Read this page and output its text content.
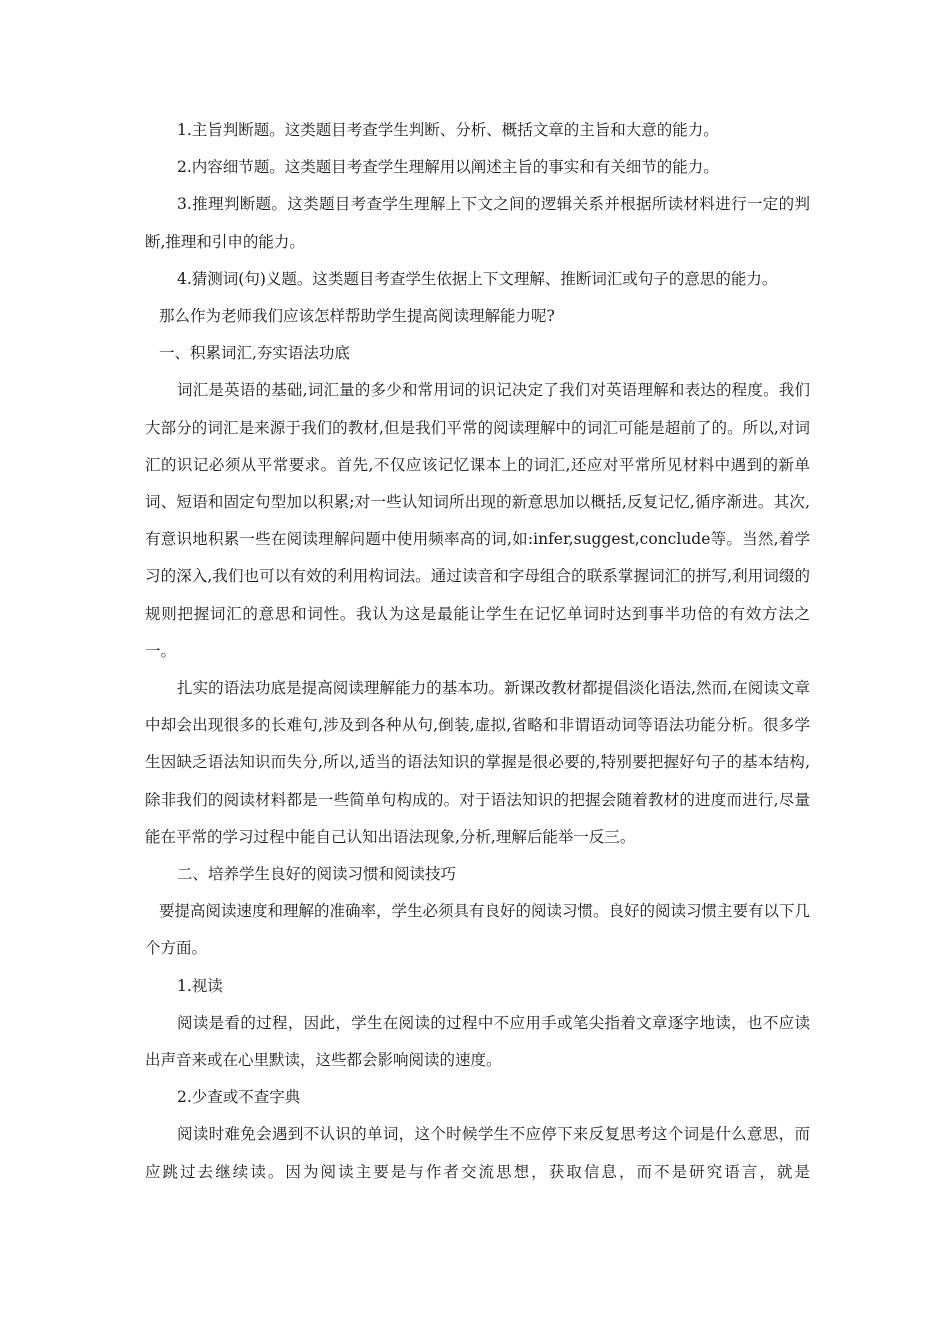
1.主旨判断题。这类题目考查学生判断、分析、概括文章的主旨和大意的能力。

2.内容细节题。这类题目考查学生理解用以阐述主旨的事实和有关细节的能力。

3.推理判断题。这类题目考查学生理解上下文之间的逻辑关系并根据所读材料进行一定的判断,推理和引申的能力。

4.猜测词(句)义题。这类题目考查学生依据上下文理解、推断词汇或句子的意思的能力。

那么作为老师我们应该怎样帮助学生提高阅读理解能力呢?

一、积累词汇,夯实语法功底

词汇是英语的基础,词汇量的多少和常用词的识记决定了我们对英语理解和表达的程度。我们大部分的词汇是来源于我们的教材,但是我们平常的阅读理解中的词汇可能是超前了的。所以,对词汇的识记必须从平常要求。首先,不仅应该记忆课本上的词汇,还应对平常所见材料中遇到的新单词、短语和固定句型加以积累;对一些认知词所出现的新意思加以概括,反复记忆,循序渐进。其次,有意识地积累一些在阅读理解问题中使用频率高的词,如:infer,suggest,conclude等。当然,着学习的深入,我们也可以有效的利用构词法。通过读音和字母组合的联系掌握词汇的拼写,利用词缀的规则把握词汇的意思和词性。我认为这是最能让学生在记忆单词时达到事半功倍的有效方法之一。

扎实的语法功底是提高阅读理解能力的基本功。新课改教材都提倡淡化语法,然而,在阅读文章中却会出现很多的长难句,涉及到各种从句,倒装,虚拟,省略和非谓语动词等语法功能分析。很多学生因缺乏语法知识而失分,所以,适当的语法知识的掌握是很必要的,特别要把握好句子的基本结构,除非我们的阅读材料都是一些简单句构成的。对于语法知识的把握会随着教材的进度而进行,尽量能在平常的学习过程中能自己认知出语法现象,分析,理解后能举一反三。

二、培养学生良好的阅读习惯和阅读技巧

要提高阅读速度和理解的准确率，学生必须具有良好的阅读习惯。良好的阅读习惯主要有以下几个方面。

1.视读

阅读是看的过程，因此，学生在阅读的过程中不应用手或笔尖指着文章逐字地读，也不应读出声音来或在心里默读，这些都会影响阅读的速度。

2.少查或不查字典

阅读时难免会遇到不认识的单词，这个时候学生不应停下来反复思考这个词是什么意思，而应跳过去继续读。因为阅读主要是与作者交流思想，获取信息，而不是研究语言，就是
